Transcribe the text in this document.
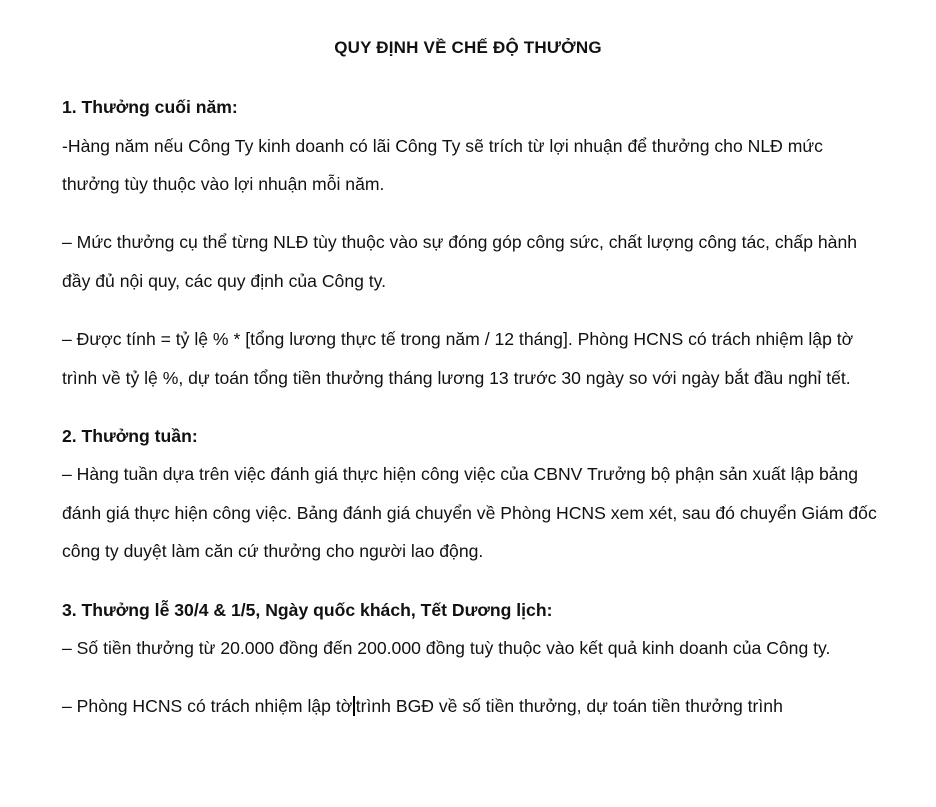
QUY ĐỊNH VỀ CHẾ ĐỘ THƯỞNG

1. Thưởng cuối năm:

-Hàng năm nếu Công Ty kinh doanh có lãi Công Ty sẽ trích từ lợi nhuận để thưởng cho NLĐ mức thưởng tùy thuộc vào lợi nhuận mỗi năm.

– Mức thưởng cụ thể từng NLĐ tùy thuộc vào sự đóng góp công sức, chất lượng công tác, chấp hành đầy đủ nội quy, các quy định của Công ty.

– Được tính = tỷ lệ % * [tổng lương thực tế trong năm / 12 tháng]. Phòng HCNS có trách nhiệm lập tờ trình về tỷ lệ %, dự toán tổng tiền thưởng tháng lương 13 trước 30 ngày so với ngày bắt đầu nghỉ tết.

2. Thưởng tuần:

– Hàng tuần dựa trên việc đánh giá thực hiện công việc của CBNV Trưởng bộ phận sản xuất lập bảng đánh giá thực hiện công việc. Bảng đánh giá chuyển về Phòng HCNS xem xét, sau đó chuyển Giám đốc công ty duyệt làm căn cứ thưởng cho người lao động.

3. Thưởng lễ 30/4 & 1/5, Ngày quốc khách, Tết Dương lịch:

– Số tiền thưởng từ 20.000 đồng đến 200.000 đồng tuỳ thuộc vào kết quả kinh doanh của Công ty.

– Phòng HCNS có trách nhiệm lập tờ trình BGĐ về số tiền thưởng, dự toán tiền thưởng trình
